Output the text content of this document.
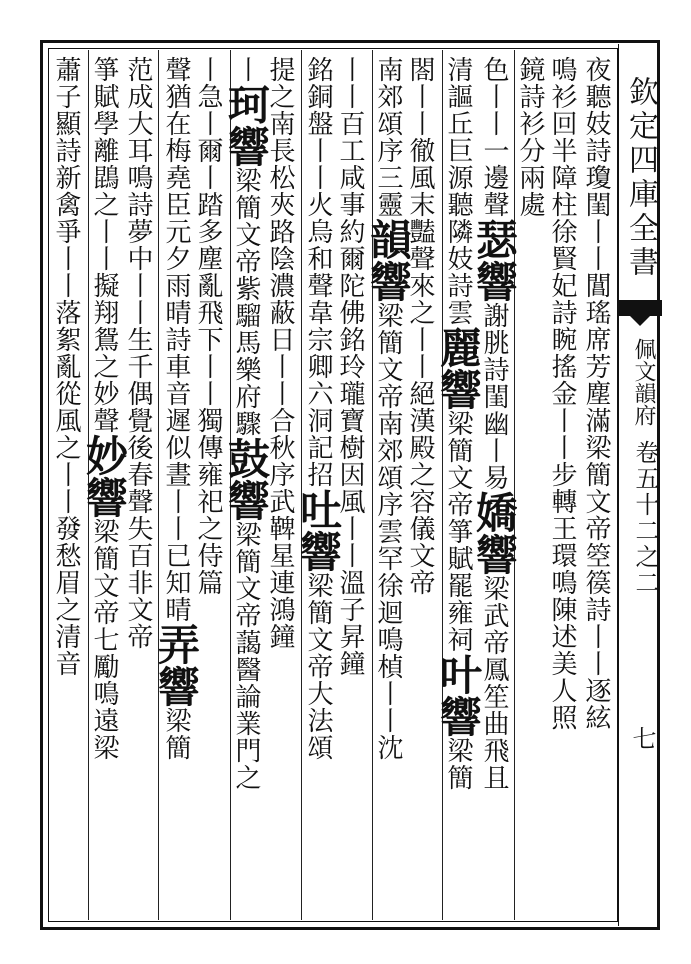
欽定四庫全書
佩文韻府
卷五十二之二
七
夜聽妓詩瓊閨丨丨閶瑤席芳塵滿梁簡文帝箜篌詩丨丨逐絃
鳴衫回半障柱徐賢妃詩睕搖金丨丨步轉王環鳴陳述美人照
鏡詩衫分兩處
色丨丨一邊聲瑟響謝朓詩閨幽丨易嬌響梁武帝鳳笙曲飛且
清謳丘巨源聽隣妓詩雲麗響梁簡文帝箏賦罷雍祠叶響梁簡
閤丨丨徹風末豔聲來之丨丨絕漢殿之容儀文帝
南郊頌序三靈韻響梁簡文帝南郊頌序雲罕徐迴鳴楨丨丨沈
丨丨百工咸事約爾陀佛銘玲瓏寶樹因風丨丨溫子昇鐘
銘銅盤丨丨火烏和聲韋宗卿六洞記招吐響梁簡文帝大法頌
提之南長松夾路陰濃蔽日丨丨合秋序武鞞星連鴻鐘
丨珂響梁簡文帝紫騮馬樂府驟鼓響梁簡文帝藹醫論業門之
丨急丨爾丨踏多塵亂飛下丨丨獨傳雍祀之侍篇
聲猶在梅堯臣元夕雨晴詩車音遲似晝丨丨已知晴弄響梁簡
范成大耳鳴詩夢中丨丨生千偶覺後春聲失百非文帝
箏賦學離鵾之丨丨擬翔鴛之妙聲妙響梁簡文帝七勵鳴遠梁
蕭子顯詩新禽爭丨丨落絮亂從風之丨丨發愁眉之清音
